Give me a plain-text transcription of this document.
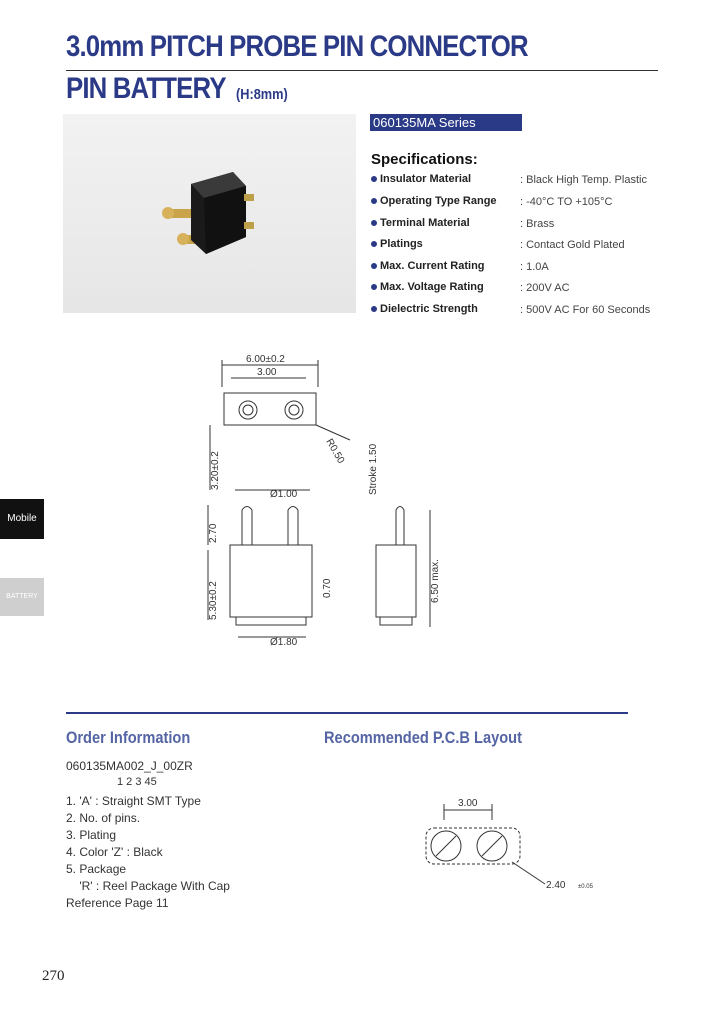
3.0mm PITCH PROBE PIN CONNECTOR
PIN BATTERY (H:8mm)
060135MA Series
Specifications:
Insulator Material	: Black High Temp. Plastic
Operating Type Range : -40°C TO +105°C
Terminal Material	: Brass
Platings	: Contact Gold Plated
Max. Current Rating	: 1.0A
Max. Voltage Rating	: 200V AC
Dielectric Strength	: 500V AC For 60 Seconds
Mobile
BATTERY
6.00±0.2
3.00
R0.50
3.20±0.2
Ø1.00
2.70
5.30±0.2	0.70
Ø1.80
Stroke 1.50
6.50 max.
Order Information	Recommended P.C.B Layout
060135MA002_J_00ZR
1 2 3 45
1. 'A' : Straight SMT Type
2. No. of pins.
3. Plating
4. Color 'Z' : Black
5. Package
'R' : Reel Package With Cap
Reference Page 11
3.00
2.40 ±0.05
270
